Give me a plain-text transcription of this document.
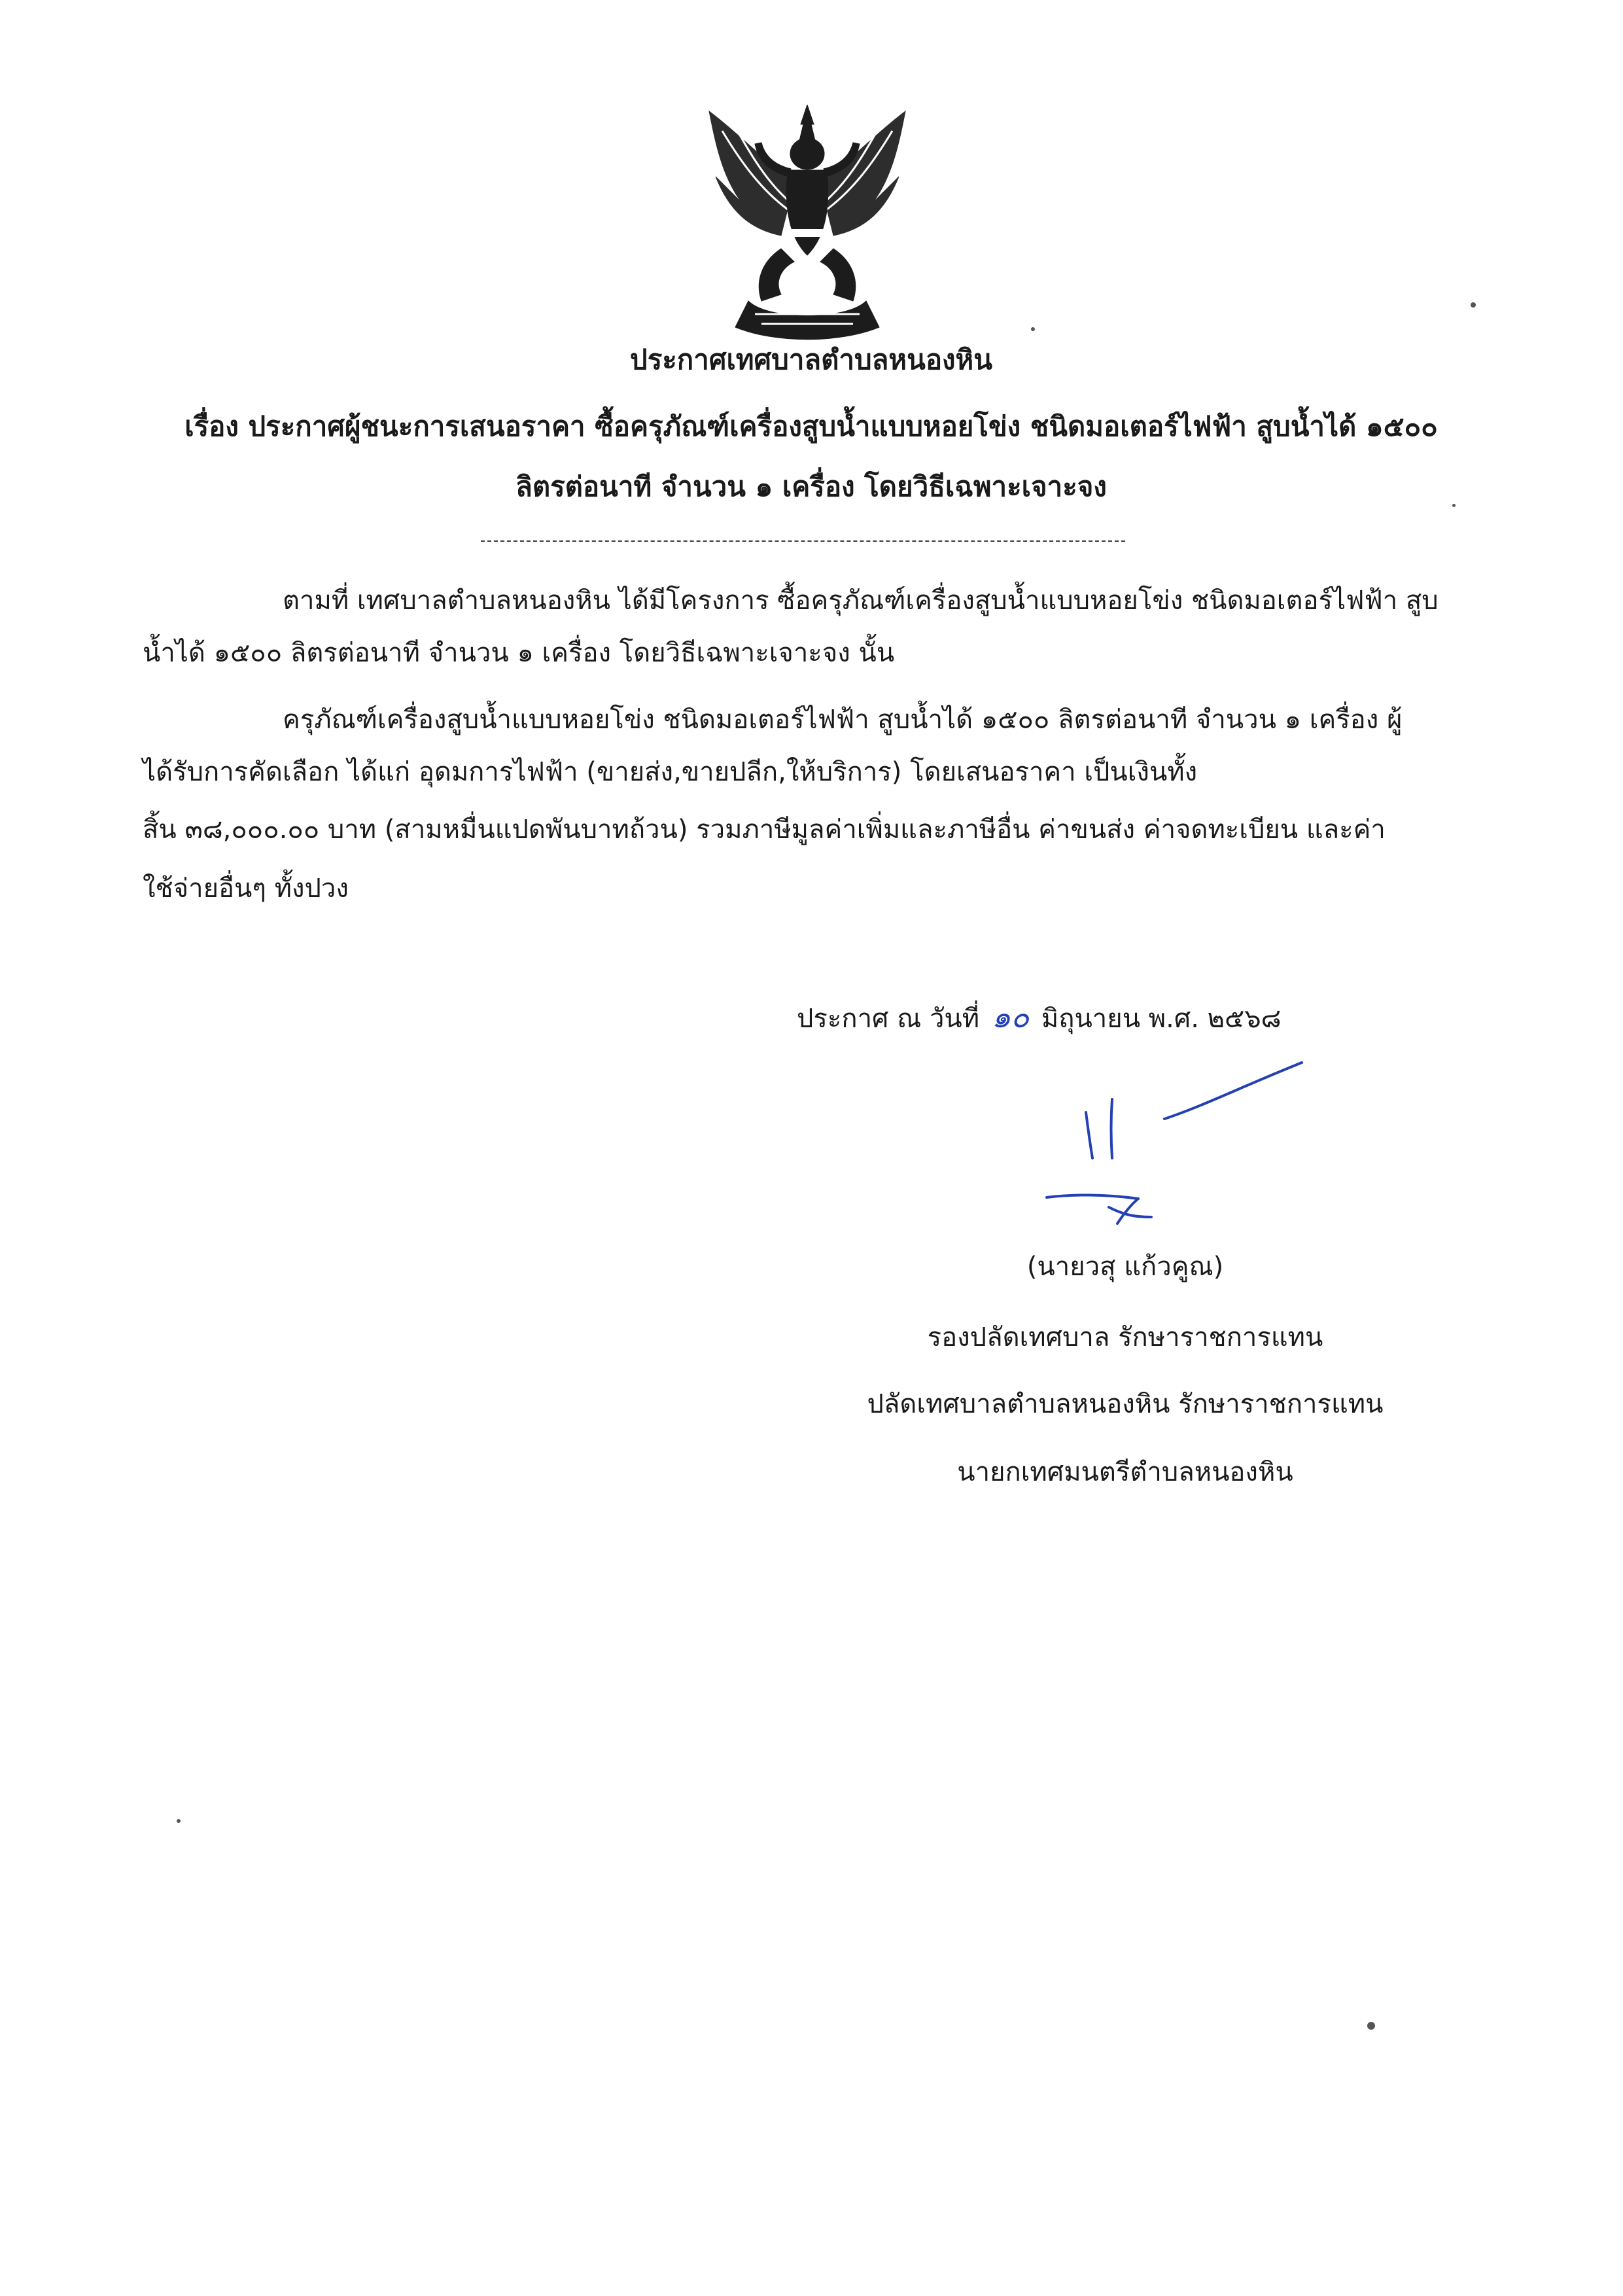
ประกาศเทศบาลตำบลหนองหิน
เรื่อง ประกาศผู้ชนะการเสนอราคา ซื้อครุภัณฑ์เครื่องสูบน้ำแบบหอยโข่ง ชนิดมอเตอร์ไฟฟ้า สูบน้ำได้ ๑๕๐๐
ลิตรต่อนาที จำนวน ๑ เครื่อง โดยวิธีเฉพาะเจาะจง
ตามที่ เทศบาลตำบลหนองหิน ได้มีโครงการ ซื้อครุภัณฑ์เครื่องสูบน้ำแบบหอยโข่ง ชนิดมอเตอร์ไฟฟ้า สูบ
น้ำได้ ๑๕๐๐ ลิตรต่อนาที จำนวน ๑ เครื่อง โดยวิธีเฉพาะเจาะจง นั้น
ครุภัณฑ์เครื่องสูบน้ำแบบหอยโข่ง ชนิดมอเตอร์ไฟฟ้า สูบน้ำได้ ๑๕๐๐ ลิตรต่อนาที จำนวน ๑ เครื่อง ผู้
ได้รับการคัดเลือก ได้แก่ อุดมการไฟฟ้า (ขายส่ง,ขายปลีก,ให้บริการ) โดยเสนอราคา เป็นเงินทั้ง
สิ้น ๓๘,๐๐๐.๐๐ บาท (สามหมื่นแปดพันบาทถ้วน) รวมภาษีมูลค่าเพิ่มและภาษีอื่น ค่าขนส่ง ค่าจดทะเบียน และค่า
ใช้จ่ายอื่นๆ ทั้งปวง
ประกาศ ณ วันที่ ๑๐ มิถุนายน พ.ศ. ๒๕๖๘
(นายวสุ แก้วคูณ)
รองปลัดเทศบาล รักษาราชการแทน
ปลัดเทศบาลตำบลหนองหิน รักษาราชการแทน
นายกเทศมนตรีตำบลหนองหิน
